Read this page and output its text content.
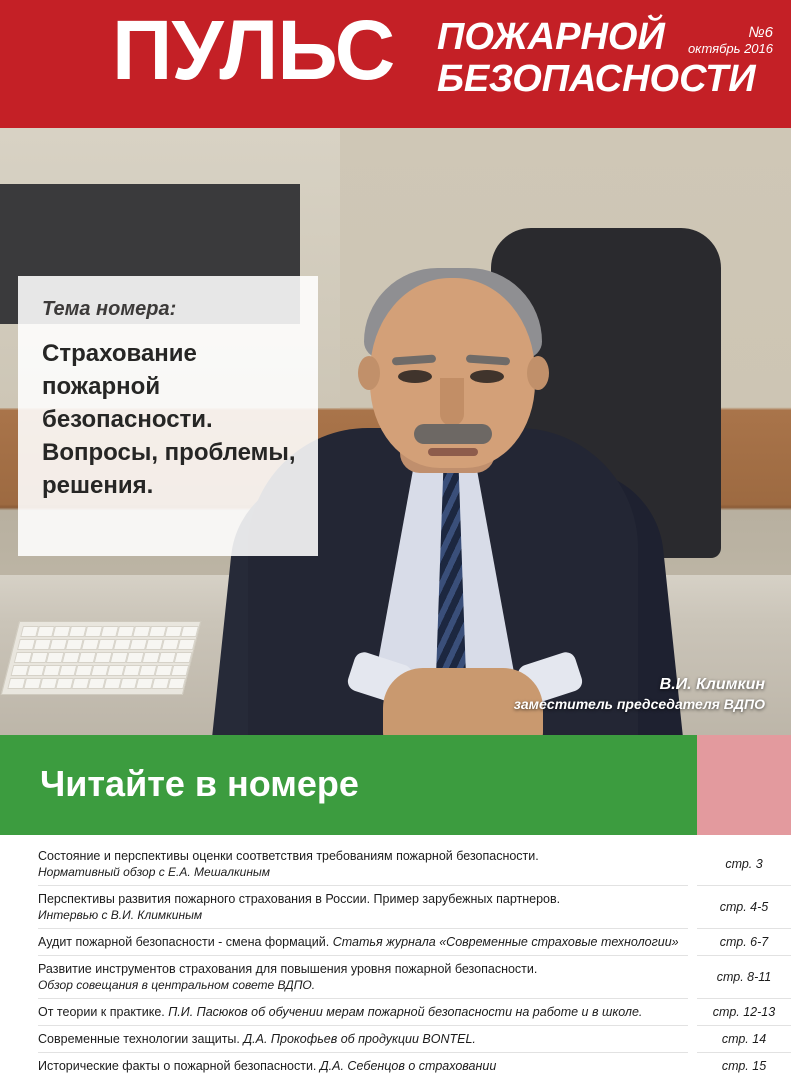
ПУЛЬС ПОЖАРНОЙ
БЕЗОПАСНОСТИ
№6
октябрь 2016
Тема номера:
Страхование
пожарной
безопасности.
Вопросы, проблемы,
решения.
В.И. Климкин
заместитель председателя ВДПО
Читайте в номере
Состояние и перспективы оценки соответствия требованиям пожарной безопасности.
Нормативный обзор с Е.А. Мешалкиным
Перспективы развития пожарного страхования в России. Пример зарубежных партнеров.
Интервью с В.И. Климкиным
Аудит пожарной безопасности - смена формаций. Статья журнала «Современные страховые технологии»
Развитие инструментов страхования для повышения уровня пожарной безопасности.
Обзор совещания в центральном совете ВДПО.
От теории к практике. П.И. Пасюков об обучении мерам пожарной безопасности на работе и в школе.
Современные технологии защиты. Д.А. Прокофьев об продукции BONTEL.
Исторические факты о пожарной безопасности. Д.А. Себенцов о страховании
стр. 3
стр. 4-5
стр. 6-7
стр. 8-11
стр. 12-13
стр. 14
стр. 15
